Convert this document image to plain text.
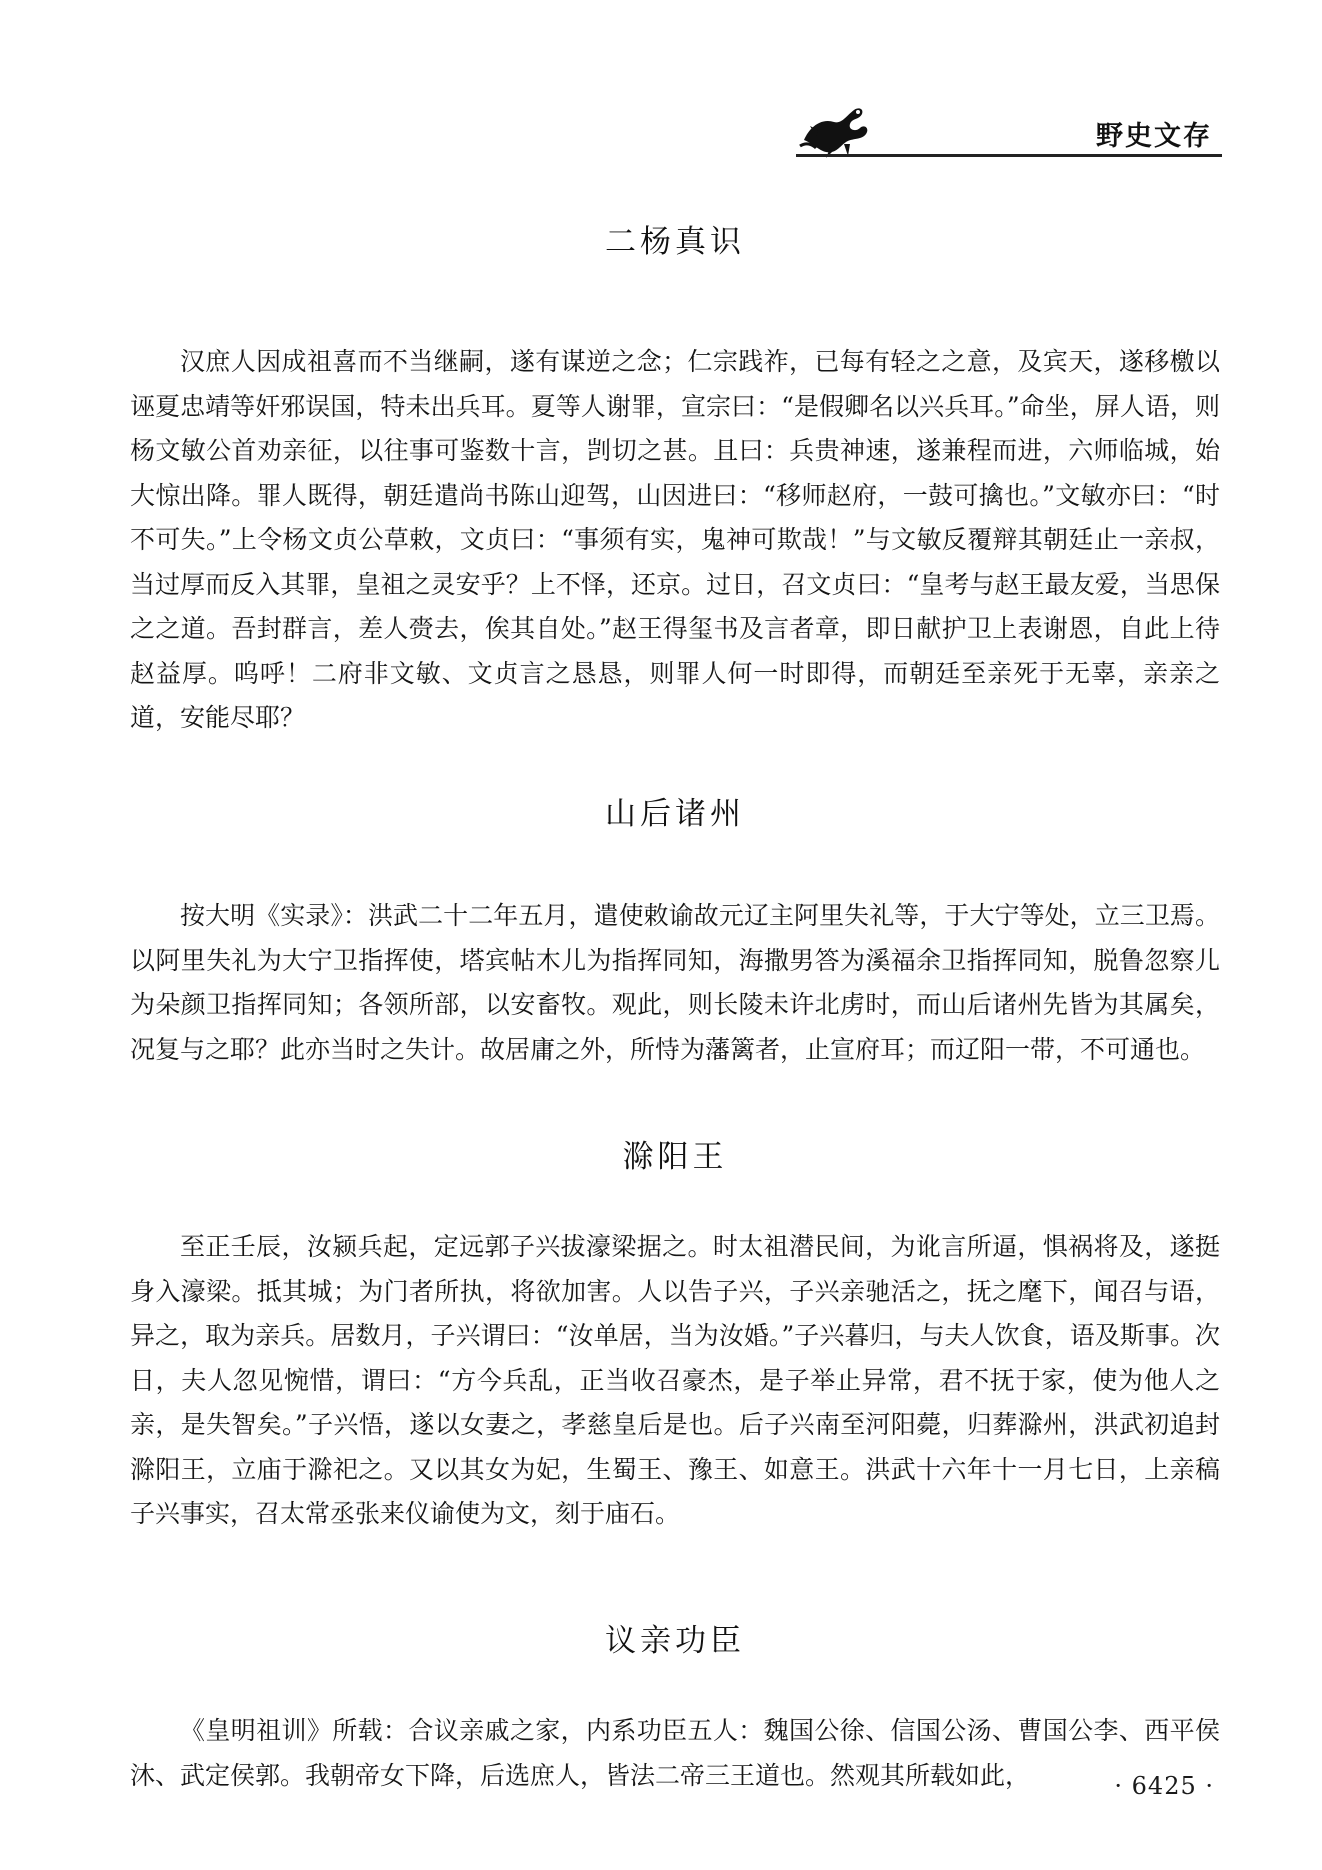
野史文存
二杨真识

汉庶人因成祖喜而不当继嗣，遂有谋逆之念；仁宗践祚，已每有轻之之意，及宾天，遂移檄以诬夏忠靖等奸邪误国，特未出兵耳。夏等人谢罪，宣宗曰：“是假卿名以兴兵耳。”命坐，屏人语，则杨文敏公首劝亲征，以往事可鉴数十言，剀切之甚。且曰：兵贵神速，遂兼程而进，六师临城，始大惊出降。罪人既得，朝廷遣尚书陈山迎驾，山因进曰：“移师赵府，一鼓可擒也。”文敏亦曰：“时不可失。”上令杨文贞公草敕，文贞曰：“事须有实，鬼神可欺哉！”与文敏反覆辩其朝廷止一亲叔，当过厚而反入其罪，皇祖之灵安乎？上不怿，还京。过日，召文贞曰：“皇考与赵王最友爱，当思保之之道。吾封群言，差人赍去，俟其自处。”赵王得玺书及言者章，即日献护卫上表谢恩，自此上待赵益厚。呜呼！二府非文敏、文贞言之恳恳，则罪人何一时即得，而朝廷至亲死于无辜，亲亲之道，安能尽耶？

山后诸州

按大明《实录》：洪武二十二年五月，遣使敕谕故元辽主阿里失礼等，于大宁等处，立三卫焉。以阿里失礼为大宁卫指挥使，塔宾帖木儿为指挥同知，海撒男答为溪福余卫指挥同知，脱鲁忽察儿为朵颜卫指挥同知；各领所部，以安畜牧。观此，则长陵未许北虏时，而山后诸州先皆为其属矣，况复与之耶？此亦当时之失计。故居庸之外，所恃为藩篱者，止宣府耳；而辽阳一带，不可通也。

滁阳王

至正壬辰，汝颍兵起，定远郭子兴拔濠梁据之。时太祖潜民间，为讹言所逼，惧祸将及，遂挺身入濠梁。抵其城；为门者所执，将欲加害。人以告子兴，子兴亲驰活之，抚之麾下，闻召与语，异之，取为亲兵。居数月，子兴谓曰：“汝单居，当为汝婚。”子兴暮归，与夫人饮食，语及斯事。次日，夫人忽见惋惜，谓曰：“方今兵乱，正当收召豪杰，是子举止异常，君不抚于家，使为他人之亲，是失智矣。”子兴悟，遂以女妻之，孝慈皇后是也。后子兴南至河阳薨，归葬滁州，洪武初追封滁阳王，立庙于滁祀之。又以其女为妃，生蜀王、豫王、如意王。洪武十六年十一月七日，上亲稿子兴事实，召太常丞张来仪谕使为文，刻于庙石。

议亲功臣

《皇明祖训》所载：合议亲戚之家，内系功臣五人：魏国公徐、信国公汤、曹国公李、西平侯沐、武定侯郭。我朝帝女下降，后选庶人，皆法二帝三王道也。然观其所载如此，	· 6425 ·
